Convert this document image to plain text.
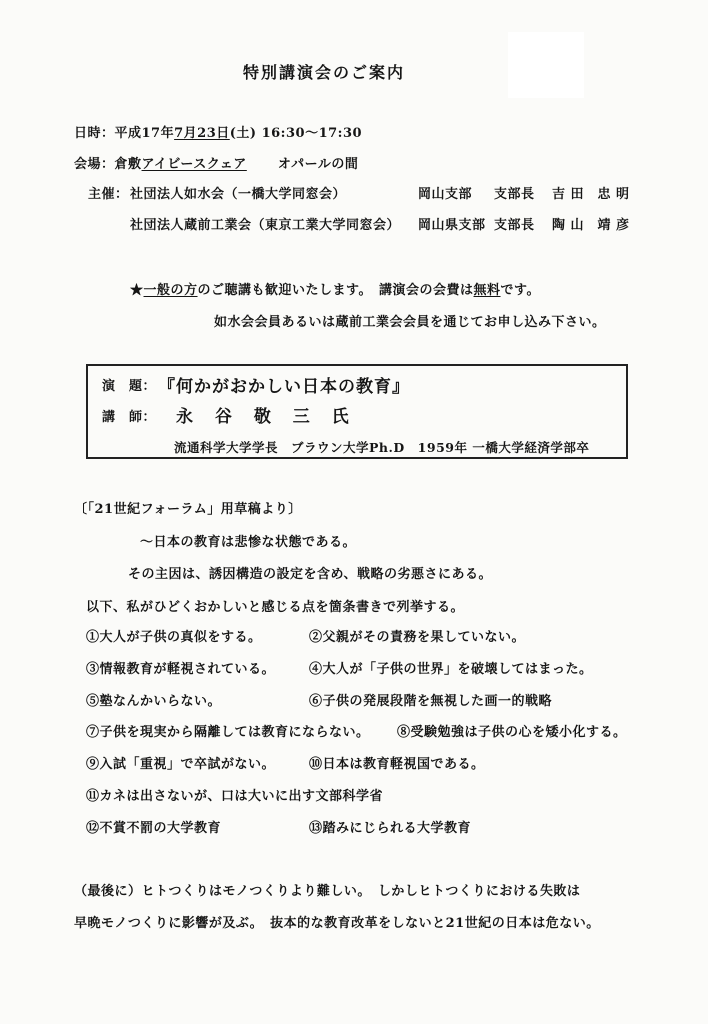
特別講演会のご案内
日時：平成17年7月23日(土) 16:30～17:30
会場：倉敷アイビースクェア オパールの間
主催： 社団法人如水会（一橋大学同窓会）	岡山支部 支部長 吉 田　忠 明
社団法人蔵前工業会（東京工業大学同窓会） 岡山県支部 支部長 陶 山　靖 彦
★一般の方のご聴講も歓迎いたします。　講演会の会費は無料です。
如水会会員あるいは蔵前工業会会員を通じてお申し込み下さい。
演　題： 『何かがおかしい日本の教育』
講　師： 永 谷 敬 三 氏
流通科学大学学長　ブラウン大学Ph.D　1959年 一橋大学経済学部卒
〔「21世紀フォーラム」用草稿より〕
～日本の教育は悲惨な状態である。
その主因は、誘因構造の設定を含め、戦略の劣悪さにある。
以下、私がひどくおかしいと感じる点を箇条書きで列挙する。
①大人が子供の真似をする。	②父親がその責務を果していない。
③情報教育が軽視されている。	④大人が「子供の世界」を破壊してはまった。
⑤塾なんかいらない。	⑥子供の発展段階を無視した画一的戦略
⑦子供を現実から隔離しては教育にならない。 ⑧受験勉強は子供の心を矮小化する。
⑨入試「重視」で卒試がない。	⑩日本は教育軽視国である。
⑪カネは出さないが、口は大いに出す文部科学省
⑫不賞不罰の大学教育	⑬踏みにじられる大学教育
（最後に）ヒトつくりはモノつくりより難しい。　しかしヒトつくりにおける失敗は
早晩モノつくりに影響が及ぶ。　抜本的な教育改革をしないと21世紀の日本は危ない。
